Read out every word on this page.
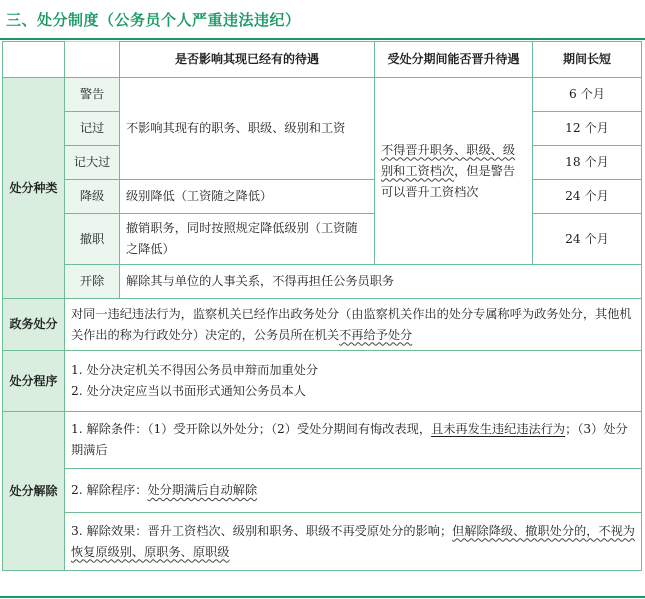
三、处分制度（公务员个人严重违法违纪）
		是否影响其现已经有的待遇	受处分期间能否晋升待遇	期间长短
处分种类	警告	不影响其现有的职务、职级、级别和工资	不得晋升职务、职级、级别和工资档次，但是警告可以晋升工资档次	6 个月
	记过			12 个月
	记大过			18 个月
	降级	级别降低（工资随之降低）		24 个月
	撤职	撤销职务，同时按照规定降低级别（工资随之降低）		24 个月
	开除	解除其与单位的人事关系，不得再担任公务员职务		
政务处分	对同一违纪违法行为，监察机关已经作出政务处分（由监察机关作出的处分专属称呼为政务处分，其他机关作出的称为行政处分）决定的，公务员所在机关不再给予处分			
处分程序	1. 处分决定机关不得因公务员申辩而加重处分
2. 处分决定应当以书面形式通知公务员本人			

处分解除	1. 解除条件：（1）受开除以外处分；（2）受处分期间有悔改表现，且未再发生违纪违法行为；（3）处分期满后			
	2. 解除程序：处分期满后自动解除			
	3. 解除效果：晋升工资档次、级别和职务、职级不再受原处分的影响；但解除降级、撤职处分的，不视为恢复原级别、原职务、原职级			
